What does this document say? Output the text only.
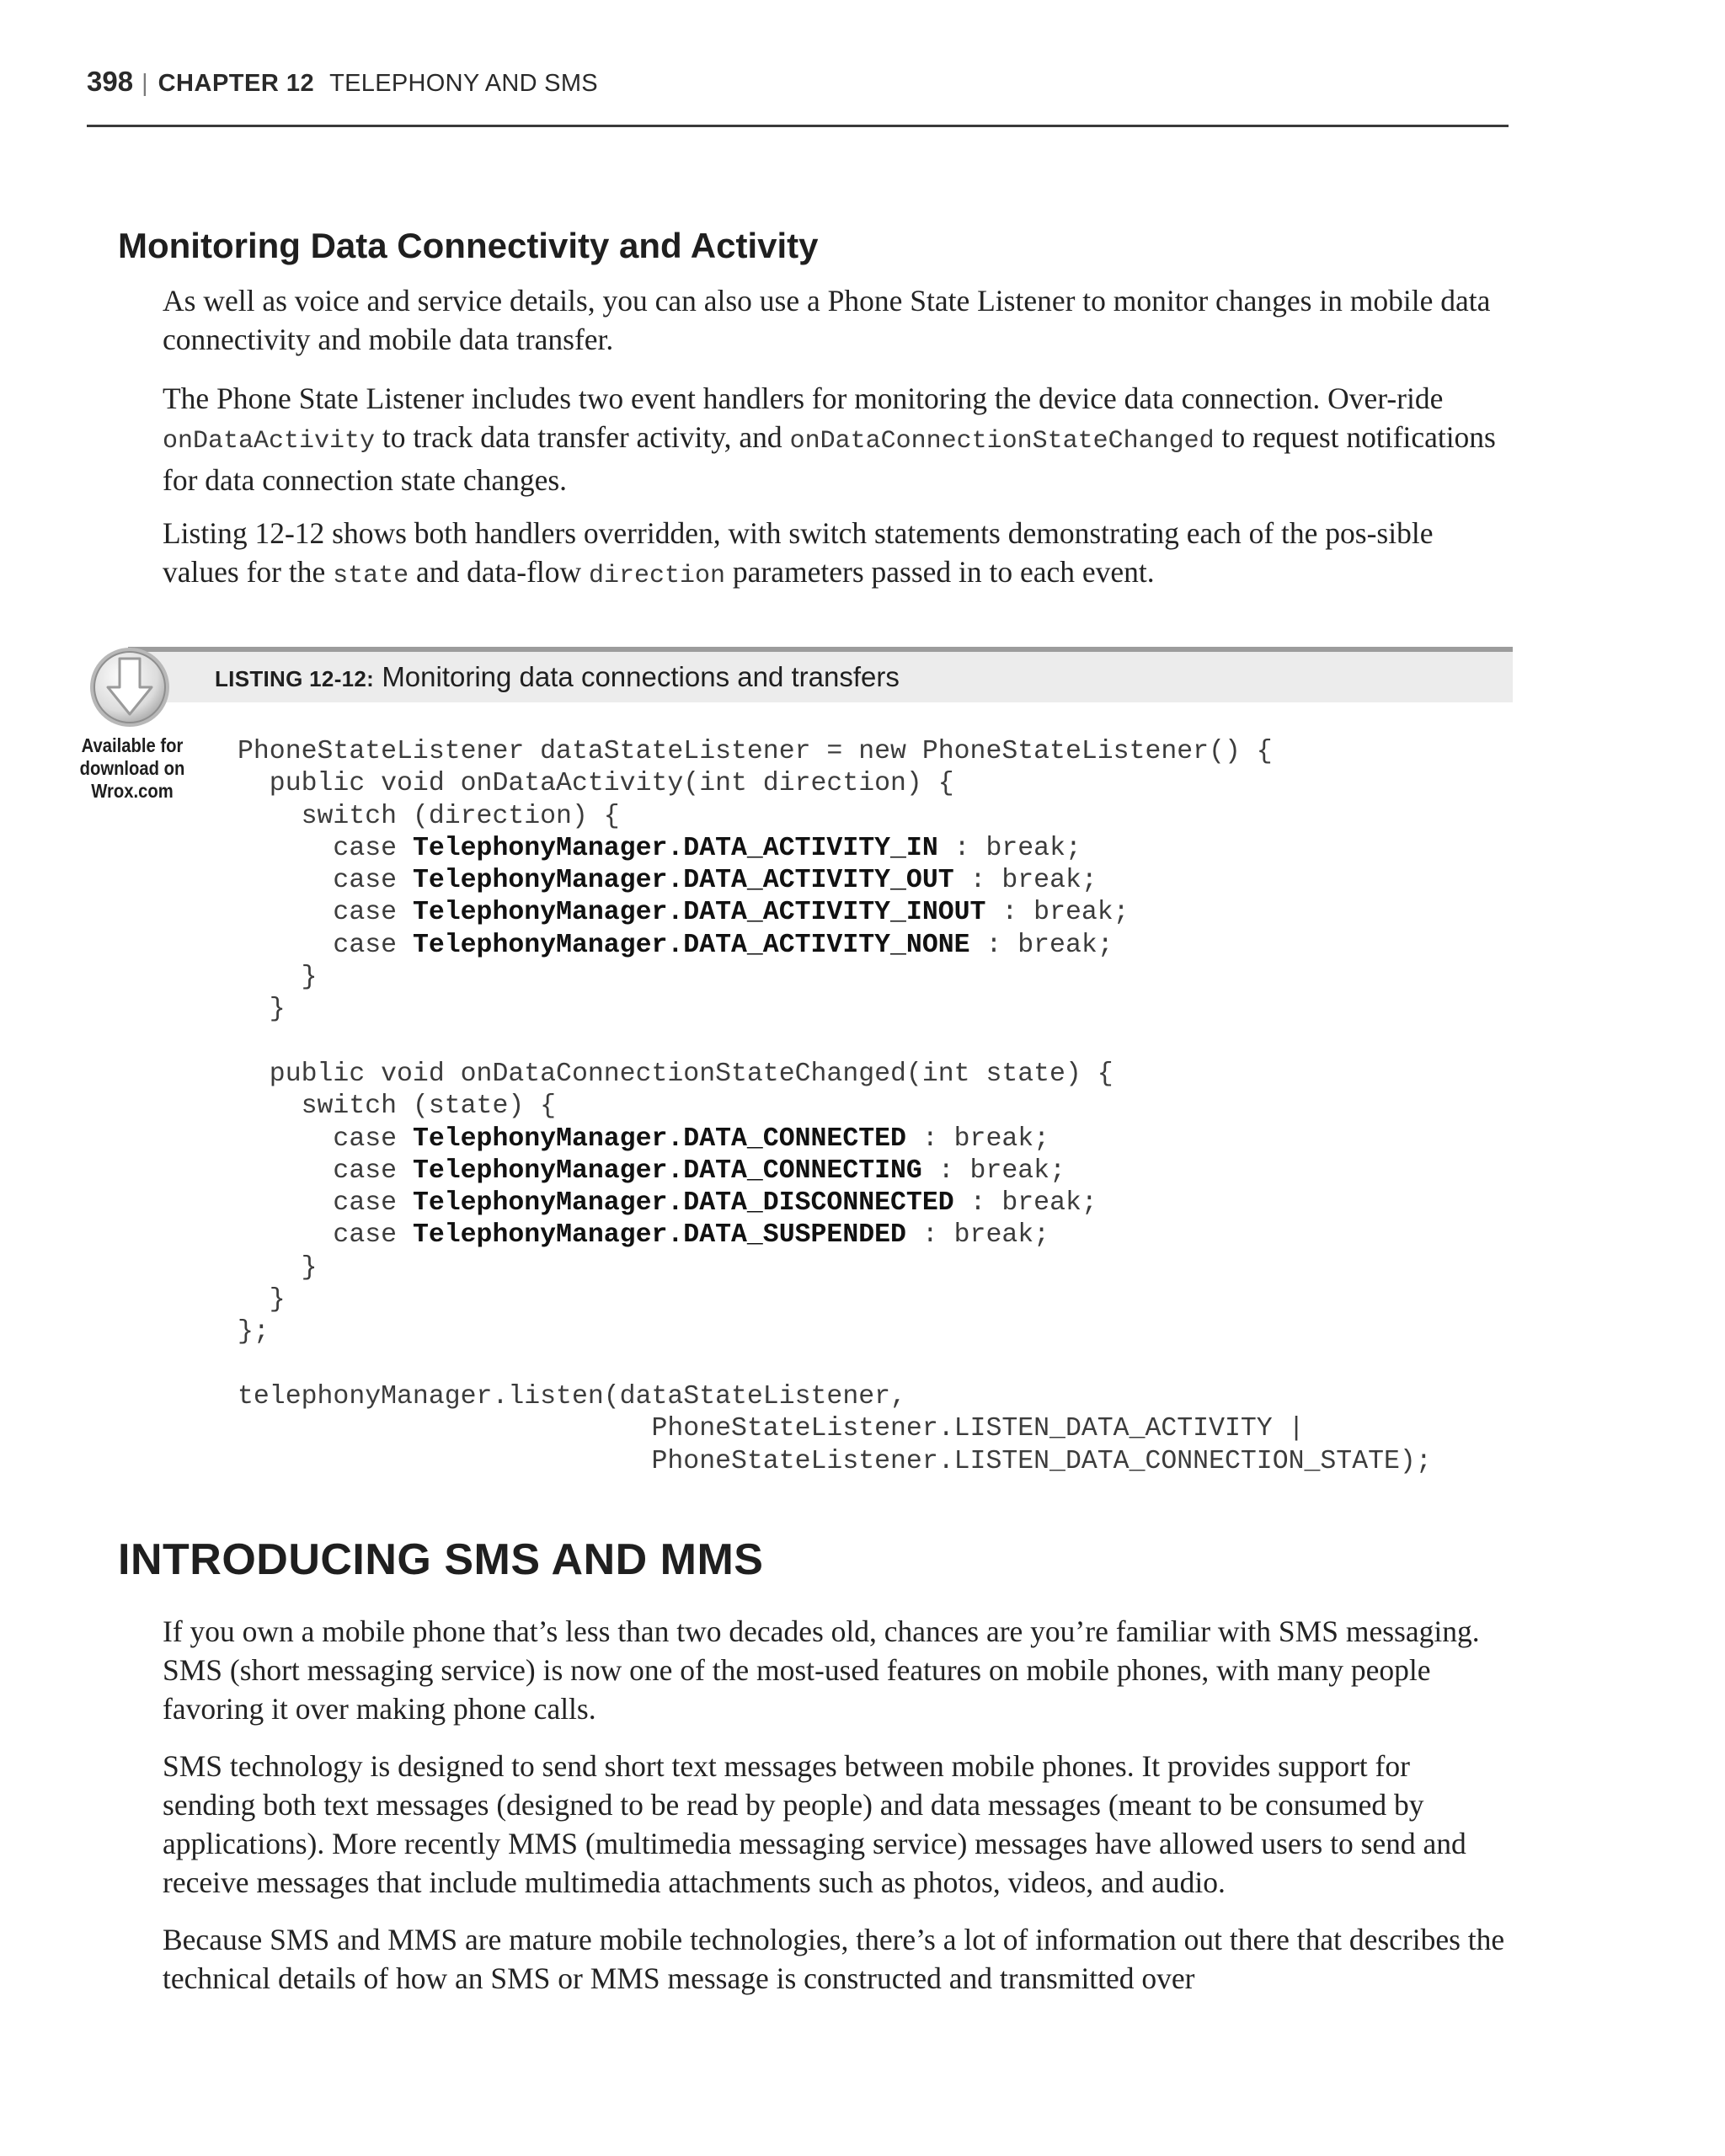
398 | CHAPTER 12 TELEPHONY AND SMS
Monitoring Data Connectivity and Activity

As well as voice and service details, you can also use a Phone State Listener to monitor changes in mobile data connectivity and mobile data transfer.

The Phone State Listener includes two event handlers for monitoring the device data connection. Over-ride onDataActivity to track data transfer activity, and onDataConnectionStateChanged to request notifications for data connection state changes.

Listing 12-12 shows both handlers overridden, with switch statements demonstrating each of the pos-sible values for the state and data-flow direction parameters passed in to each event.

LISTING 12-12: Monitoring data connections and transfers
Available for
download on
Wrox.com
PhoneStateListener dataStateListener = new PhoneStateListener() {
public void onDataActivity(int direction) {
switch (direction) {
case TelephonyManager.DATA_ACTIVITY_IN : break;
case TelephonyManager.DATA_ACTIVITY_OUT : break;
case TelephonyManager.DATA_ACTIVITY_INOUT : break;
case TelephonyManager.DATA_ACTIVITY_NONE : break;
}
}
public void onDataConnectionStateChanged(int state) {
switch (state) {
case TelephonyManager.DATA_CONNECTED : break;
case TelephonyManager.DATA_CONNECTING : break;
case TelephonyManager.DATA_DISCONNECTED : break;
case TelephonyManager.DATA_SUSPENDED : break;
}
}
};
telephonyManager.listen(dataStateListener,
PhoneStateListener.LISTEN_DATA_ACTIVITY |
PhoneStateListener.LISTEN_DATA_CONNECTION_STATE);
INTRODUCING SMS AND MMS

If you own a mobile phone that’s less than two decades old, chances are you’re familiar with SMS messaging. SMS (short messaging service) is now one of the most-used features on mobile phones, with many people favoring it over making phone calls.

SMS technology is designed to send short text messages between mobile phones. It provides support for sending both text messages (designed to be read by people) and data messages (meant to be consumed by applications). More recently MMS (multimedia messaging service) messages have allowed users to send and receive messages that include multimedia attachments such as photos, videos, and audio.

Because SMS and MMS are mature mobile technologies, there’s a lot of information out there that describes the technical details of how an SMS or MMS message is constructed and transmitted over
